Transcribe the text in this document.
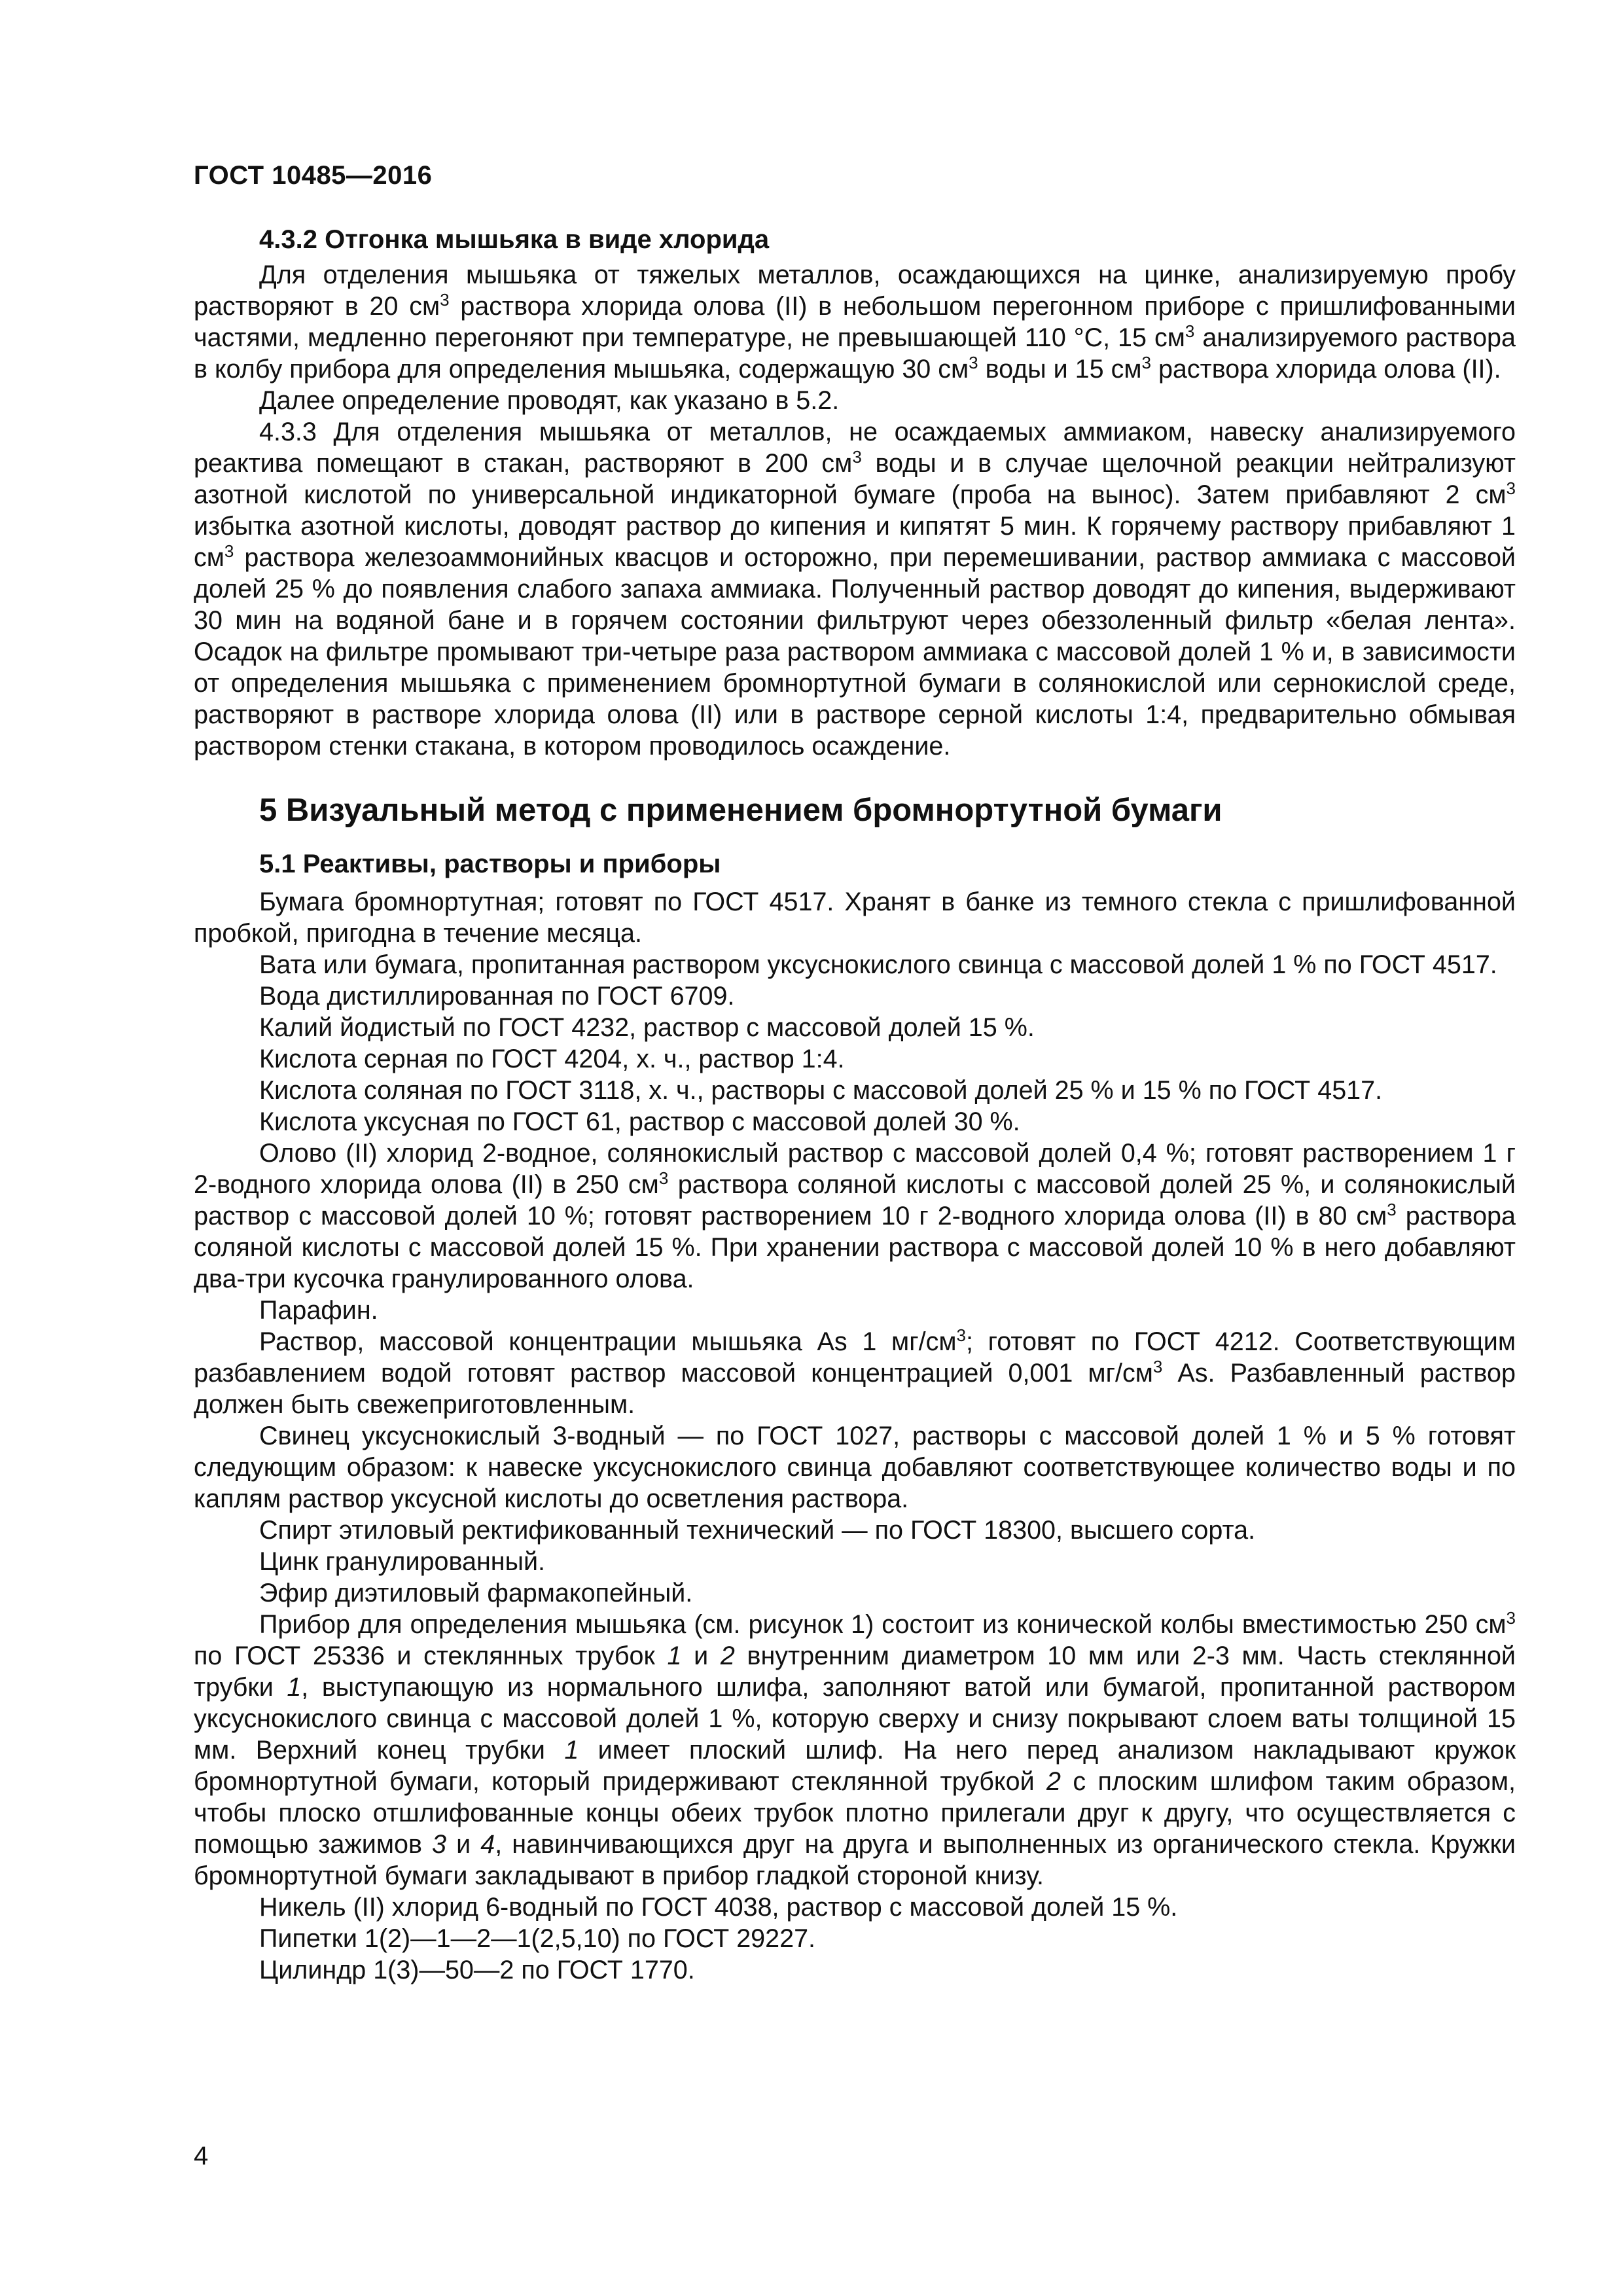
ГОСТ 10485—2016
4.3.2 Отгонка мышьяка в виде хлорида

Для отделения мышьяка от тяжелых металлов, осаждающихся на цинке, анализируемую пробу растворяют в 20 $см^3$ раствора хлорида олова (II) в небольшом перегонном приборе с пришлифованными частями, медленно перегоняют при температуре, не превышающей 110 °С, 15 $см^3$ анализируемого раствора в колбу прибора для определения мышьяка, содержащую 30 $см^3$ воды и 15 $см^3$ раствора хлорида олова (II).

Далее определение проводят, как указано в 5.2.

4.3.3 Для отделения мышьяка от металлов, не осаждаемых аммиаком, навеску анализируемого реактива помещают в стакан, растворяют в 200 $см^3$ воды и в случае щелочной реакции нейтрализуют азотной кислотой по универсальной индикаторной бумаге (проба на вынос). Затем прибавляют 2 $см^3$ избытка азотной кислоты, доводят раствор до кипения и кипятят 5 мин. К горячему раствору прибавляют 1 $см^3$ раствора железоаммонийных квасцов и осторожно, при перемешивании, раствор аммиака с массовой долей 25 % до появления слабого запаха аммиака. Полученный раствор доводят до кипения, выдерживают 30 мин на водяной бане и в горячем состоянии фильтруют через обеззоленный фильтр «белая лента». Осадок на фильтре промывают три-четыре раза раствором аммиака с массовой долей 1 % и, в зависимости от определения мышьяка с применением бромнортутной бумаги в солянокислой или сернокислой среде, растворяют в растворе хлорида олова (II) или в растворе серной кислоты 1:4, предварительно обмывая раствором стенки стакана, в котором проводилось осаждение.

5 Визуальный метод с применением бромнортутной бумаги
5.1 Реактивы, растворы и приборы

Бумага бромнортутная; готовят по ГОСТ 4517. Хранят в банке из темного стекла с пришлифованной пробкой, пригодна в течение месяца.

Вата или бумага, пропитанная раствором уксуснокислого свинца с массовой долей 1 % по ГОСТ 4517.

Вода дистиллированная по ГОСТ 6709.

Калий йодистый по ГОСТ 4232, раствор с массовой долей 15 %.

Кислота серная по ГОСТ 4204, х. ч., раствор 1:4.

Кислота соляная по ГОСТ 3118, х. ч., растворы с массовой долей 25 % и 15 % по ГОСТ 4517.

Кислота уксусная по ГОСТ 61, раствор с массовой долей 30 %.

Олово (II) хлорид 2-водное, солянокислый раствор с массовой долей 0,4 %; готовят растворением 1 г 2-водного хлорида олова (II) в 250 $см^3$ раствора соляной кислоты с массовой долей 25 %, и солянокислый раствор с массовой долей 10 %; готовят растворением 10 г 2-водного хлорида олова (II) в 80 $см^3$ раствора соляной кислоты с массовой долей 15 %. При хранении раствора с массовой долей 10 % в него добавляют два-три кусочка гранулированного олова.

Парафин.

Раствор, массовой концентрации мышьяка As 1 $мг/см^3$; готовят по ГОСТ 4212. Соответствующим разбавлением водой готовят раствор массовой концентрацией 0,001 $мг/см^3$ As. Разбавленный раствор должен быть свежеприготовленным.

Свинец уксуснокислый 3-водный — по ГОСТ 1027, растворы с массовой долей 1 % и 5 % готовят следующим образом: к навеске уксуснокислого свинца добавляют соответствующее количество воды и по каплям раствор уксусной кислоты до осветления раствора.

Спирт этиловый ректификованный технический — по ГОСТ 18300, высшего сорта.

Цинк гранулированный.

Эфир диэтиловый фармакопейный.

Прибор для определения мышьяка (см. рисунок 1) состоит из конической колбы вместимостью 250 $см^3$ по ГОСТ 25336 и стеклянных трубок 1 и 2 внутренним диаметром 10 мм или 2-3 мм. Часть стеклянной трубки 1, выступающую из нормального шлифа, заполняют ватой или бумагой, пропитанной раствором уксуснокислого свинца с массовой долей 1 %, которую сверху и снизу покрывают слоем ваты толщиной 15 мм. Верхний конец трубки 1 имеет плоский шлиф. На него перед анализом накладывают кружок бромнортутной бумаги, который придерживают стеклянной трубкой 2 с плоским шлифом таким образом, чтобы плоско отшлифованные концы обеих трубок плотно прилегали друг к другу, что осуществляется с помощью зажимов 3 и 4, навинчивающихся друг на друга и выполненных из органического стекла. Кружки бромнортутной бумаги закладывают в прибор гладкой стороной книзу.

Никель (II) хлорид 6-водный по ГОСТ 4038, раствор с массовой долей 15 %.

Пипетки 1(2)—1—2—1(2,5,10) по ГОСТ 29227.

Цилиндр 1(3)—50—2 по ГОСТ 1770.

4
